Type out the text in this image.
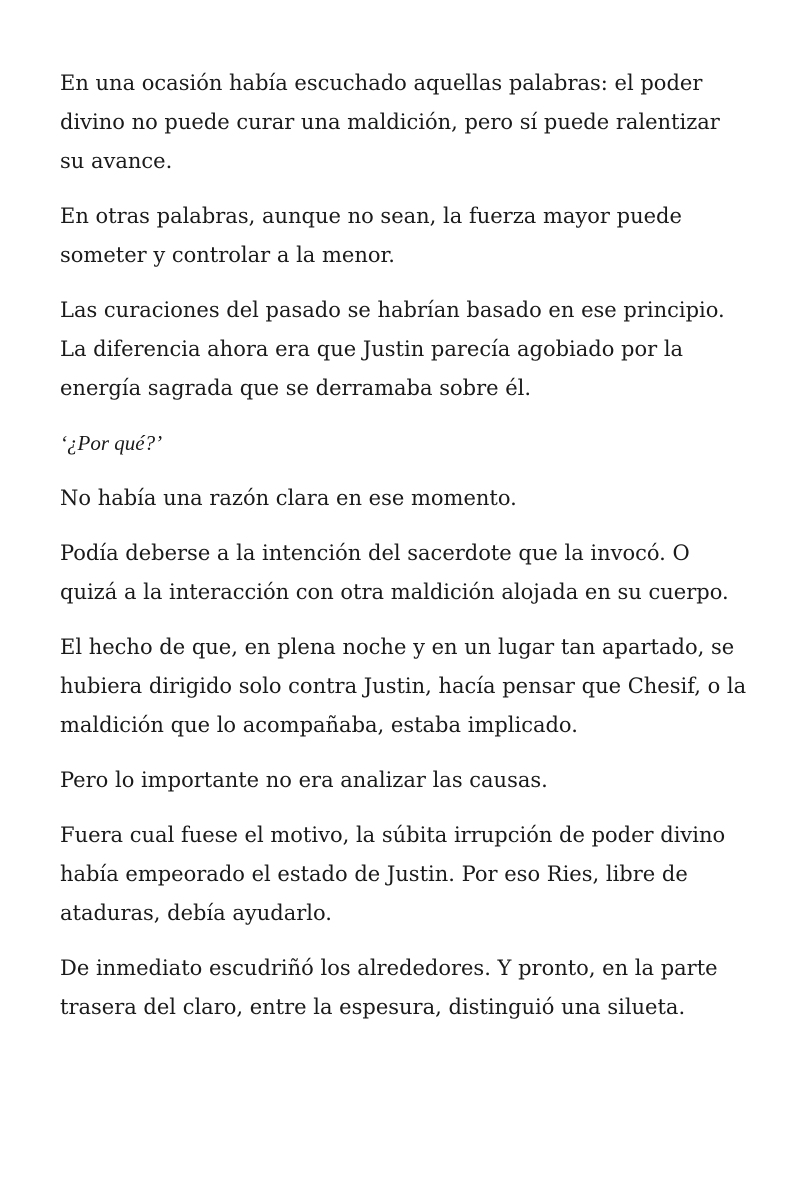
En una ocasión había escuchado aquellas palabras: el poder divino no puede curar una maldición, pero sí puede ralentizar su avance.

En otras palabras, aunque no sean, la fuerza mayor puede someter y controlar a la menor.

Las curaciones del pasado se habrían basado en ese principio. La diferencia ahora era que Justin parecía agobiado por la energía sagrada que se derramaba sobre él.

‘¿Por qué?’

No había una razón clara en ese momento.

Podía deberse a la intención del sacerdote que la invocó. O quizá a la interacción con otra maldición alojada en su cuerpo.

El hecho de que, en plena noche y en un lugar tan apartado, se hubiera dirigido solo contra Justin, hacía pensar que Chesif, o la maldición que lo acompañaba, estaba implicado.

Pero lo importante no era analizar las causas.

Fuera cual fuese el motivo, la súbita irrupción de poder divino había empeorado el estado de Justin. Por eso Ries, libre de ataduras, debía ayudarlo.

De inmediato escudriñó los alrededores. Y pronto, en la parte trasera del claro, entre la espesura, distinguió una silueta.
